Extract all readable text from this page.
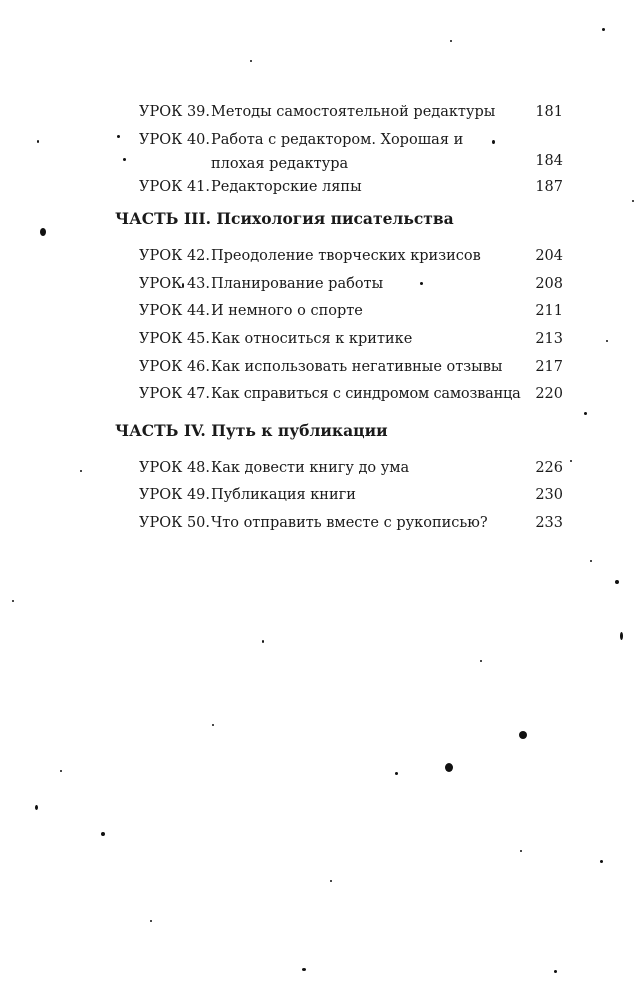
УРОК 39. Методы самостоятельной редактуры	181
УРОК 40. Работа с редактором. Хорошая и плохая редактура	184
УРОК 41. Редакторские ляпы	187
ЧАСТЬ III. Психология писательства
УРОК 42. Преодоление творческих кризисов	204
УРОК 43. Планирование работы	208
УРОК 44. И немного о спорте	211
УРОК 45. Как относиться к критике	213
УРОК 46. Как использовать негативные отзывы	217
УРОК 47. Как справиться с синдромом самозванца 220
ЧАСТЬ IV. Путь к публикации
УРОК 48. Как довести книгу до ума	226
УРОК 49. Публикация книги	230
УРОК 50. Что отправить вместе с рукописью?	233
